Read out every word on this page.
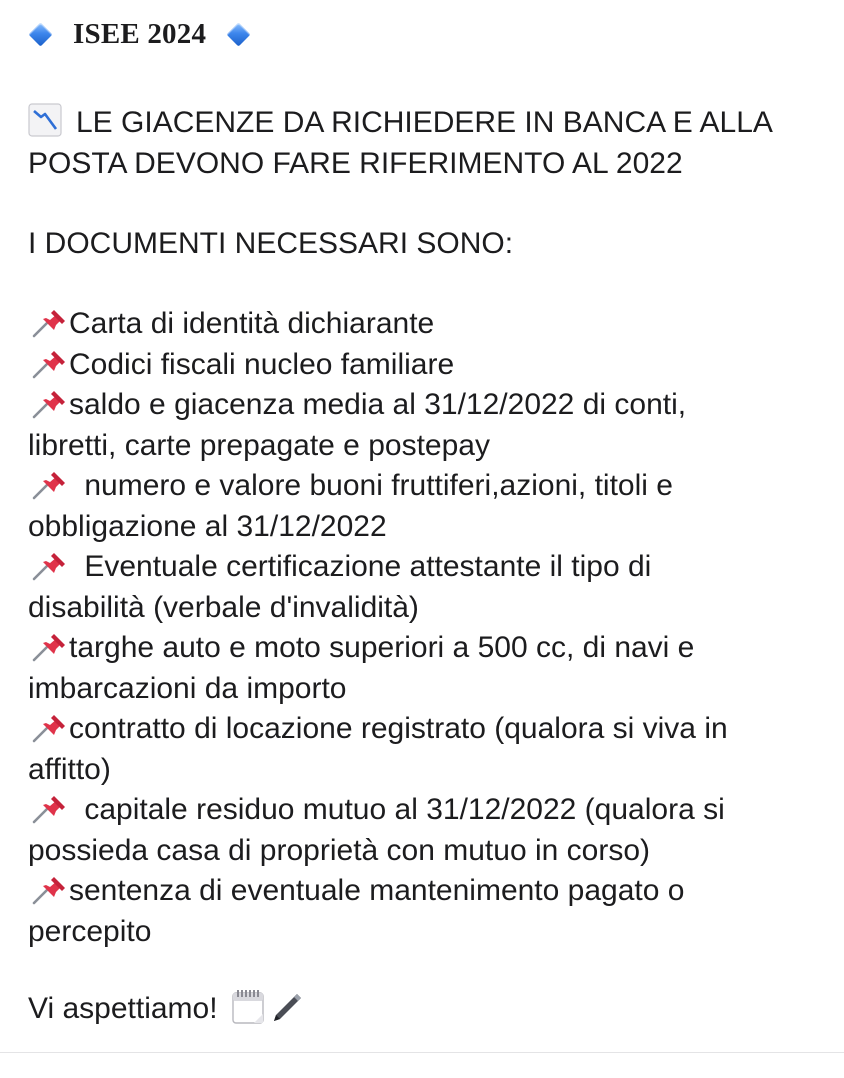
ISEE 2024
LE GIACENZE DA RICHIEDERE IN BANCA E ALLA
POSTA DEVONO FARE RIFERIMENTO AL 2022
I DOCUMENTI NECESSARI SONO:
Carta di identità dichiarante
Codici fiscali nucleo familiare
saldo e giacenza media al 31/12/2022 di conti,
libretti, carte prepagate e postepay
numero e valore buoni fruttiferi,azioni, titoli e
obbligazione al 31/12/2022
Eventuale certificazione attestante il tipo di
disabilità (verbale d'invalidità)
targhe auto e moto superiori a 500 cc, di navi e
imbarcazioni da importo
contratto di locazione registrato (qualora si viva in
affitto)
capitale residuo mutuo al 31/12/2022 (qualora si
possieda casa di proprietà con mutuo in corso)
sentenza di eventuale mantenimento pagato o
percepito
Vi aspettiamo!
